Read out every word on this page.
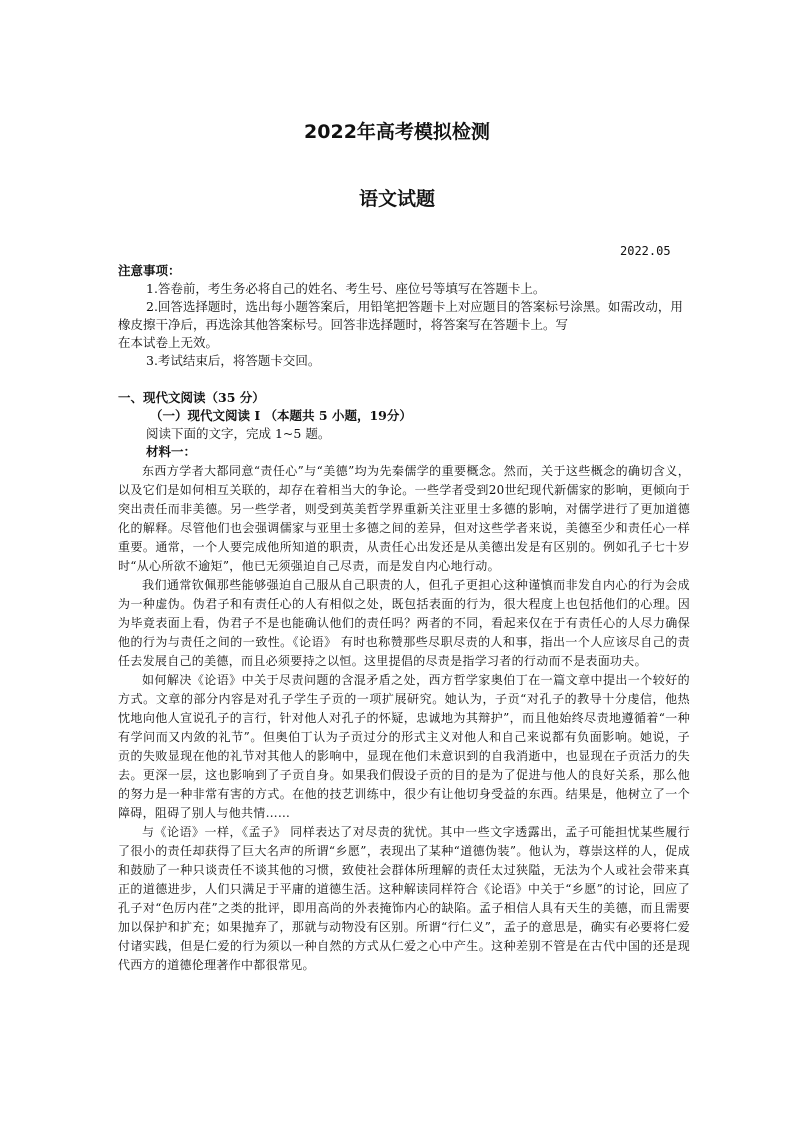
2022年高考模拟检测
语文试题
2022.05
注意事项：

1.答卷前，考生务必将自己的姓名、考生号、座位号等填写在答题卡上。

2.回答选择题时，选出每小题答案后，用铅笔把答题卡上对应题目的答案标号涂黑。如需改动，用橡皮擦干净后，再选涂其他答案标号。回答非选择题时，将答案写在答题卡上。写

在本试卷上无效。

3.考试结束后，将答题卡交回。

一、现代文阅读（35 分）
（一）现代文阅读 I （本题共 5 小题，19分）
阅读下面的文字，完成 1~5 题。
材料一：

东西方学者大都同意“责任心”与“美德”均为先秦儒学的重要概念。然而，关于这些概念的确切含义，以及它们是如何相互关联的，却存在着相当大的争论。一些学者受到20世纪现代新儒家的影响，更倾向于突出责任而非美德。另一些学者，则受到英美哲学界重新关注亚里士多德的影响，对儒学进行了更加道德化的解释。尽管他们也会强调儒家与亚里士多德之间的差异，但对这些学者来说，美德至少和责任心一样重要。通常，一个人要完成他所知道的职责，从责任心出发还是从美德出发是有区别的。例如孔子七十岁时“从心所欲不逾矩”，他已无须强迫自己尽责，而是发自内心地行动。

我们通常钦佩那些能够强迫自己服从自己职责的人，但孔子更担心这种谨慎而非发自内心的行为会成为一种虚伪。伪君子和有责任心的人有相似之处，既包括表面的行为，很大程度上也包括他们的心理。因为毕竟表面上看，伪君子不是也能确认他们的责任吗？两者的不同，看起来仅在于有责任心的人尽力确保他的行为与责任之间的一致性。《论语》 有时也称赞那些尽职尽责的人和事，指出一个人应该尽自己的责任去发展自己的美德，而且必须要持之以恒。这里提倡的尽责是指学习者的行动而不是表面功夫。

如何解决《论语》中关于尽责问题的含混矛盾之处，西方哲学家奥伯丁在一篇文章中提出一个较好的方式。文章的部分内容是对孔子学生子贡的一项扩展研究。她认为，子贡“对孔子的教导十分虔信，他热忱地向他人宣说孔子的言行，针对他人对孔子的怀疑，忠诚地为其辩护”，而且他始终尽责地遵循着“一种有学问而又内敛的礼节”。但奥伯丁认为子贡过分的形式主义对他人和自己来说都有负面影响。她说，子贡的失败显现在他的礼节对其他人的影响中，显现在他们未意识到的自我消逝中，也显现在子贡活力的失去。更深一层，这也影响到了子贡自身。如果我们假设子贡的目的是为了促进与他人的良好关系，那么他的努力是一种非常有害的方式。在他的技艺训练中，很少有让他切身受益的东西。结果是，他树立了一个障碍，阻碍了别人与他共情……

与《论语》一样，《孟子》 同样表达了对尽责的犹忧。其中一些文字透露出，孟子可能担忧某些履行了很小的责任却获得了巨大名声的所谓“乡愿”，表现出了某种“道德伪装”。他认为，尊崇这样的人，促成和鼓励了一种只谈责任不谈其他的习惯，致使社会群体所理解的责任太过狭隘，无法为个人或社会带来真正的道德进步，人们只满足于平庸的道德生活。这种解读同样符合《论语》中关于“乡愿”的讨论，回应了孔子对“色厉内荏”之类的批评，即用高尚的外表掩饰内心的缺陷。孟子相信人具有天生的美德，而且需要加以保护和扩充；如果抛弃了，那就与动物没有区别。所谓“行仁义”，孟子的意思是，确实有必要将仁爱付诸实践，但是仁爱的行为须以一种自然的方式从仁爱之心中产生。这种差别不管是在古代中国的还是现代西方的道德伦理著作中都很常见。
